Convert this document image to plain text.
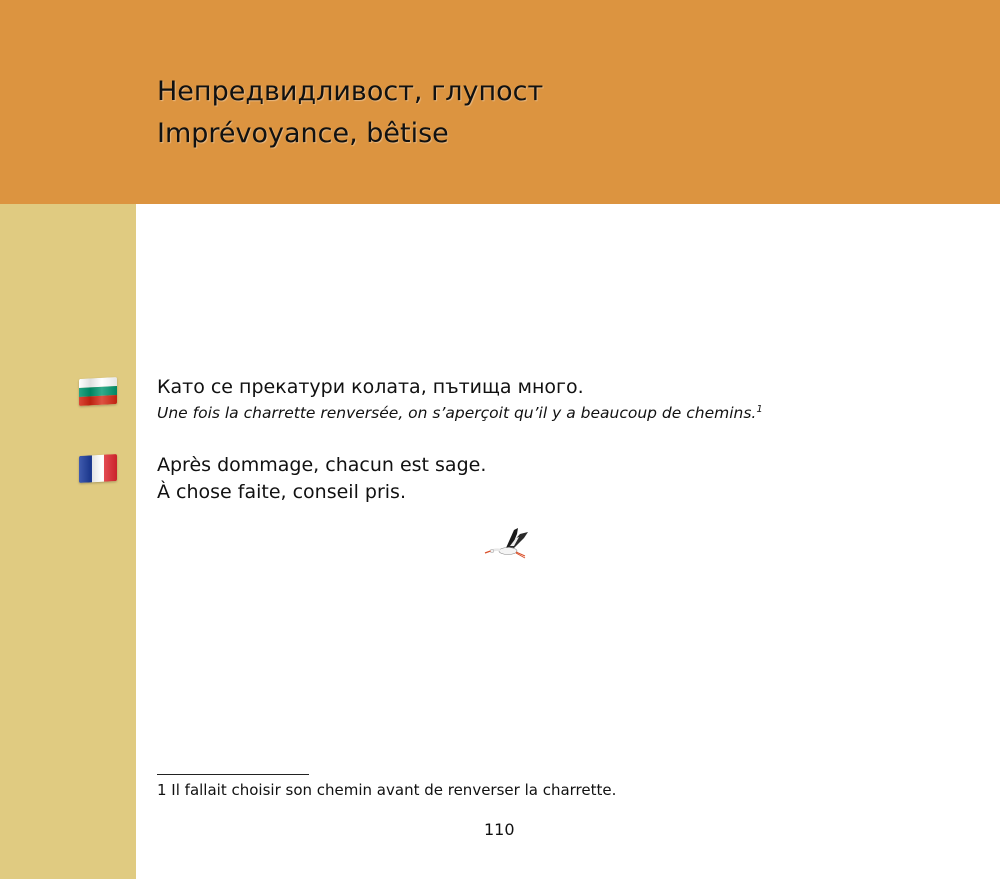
Непредвидливост, глупост
Imprévoyance, bêtise
Като се прекатури колата, пътища много.
Une fois la charrette renversée, on s’aperçoit qu’il y a beaucoup de chemins.$^1$
Après dommage, chacun est sage.
À chose faite, conseil pris.
1 Il fallait choisir son chemin avant de renverser la charrette.
110
